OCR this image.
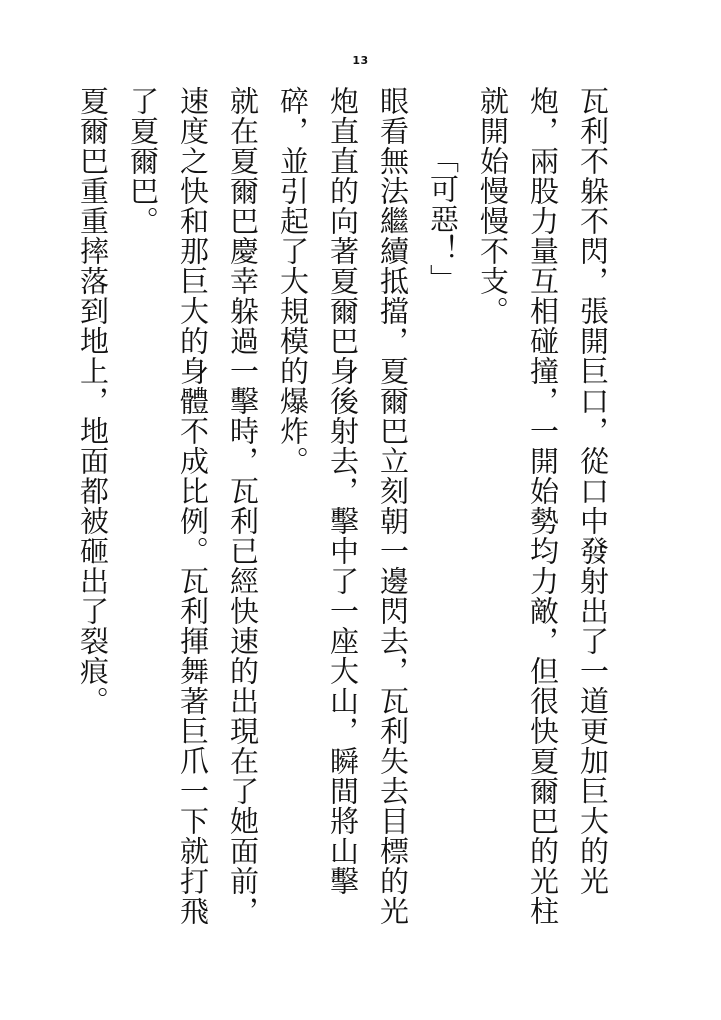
13

瓦利不躲不閃，張開巨口，從口中發射出了一道更加巨大的光炮，兩股力量互相碰撞，一開始勢均力敵，但很快夏爾巴的光柱就開始慢慢不支。

「可惡！」

眼看無法繼續抵擋，夏爾巴立刻朝一邊閃去，瓦利失去目標的光炮直直的向著夏爾巴身後射去，擊中了一座大山，瞬間將山擊碎，並引起了大規模的爆炸。

就在夏爾巴慶幸躲過一擊時，瓦利已經快速的出現在了她面前，速度之快和那巨大的身體不成比例。瓦利揮舞著巨爪一下就打飛了夏爾巴。

夏爾巴重重摔落到地上，地面都被砸出了裂痕。
